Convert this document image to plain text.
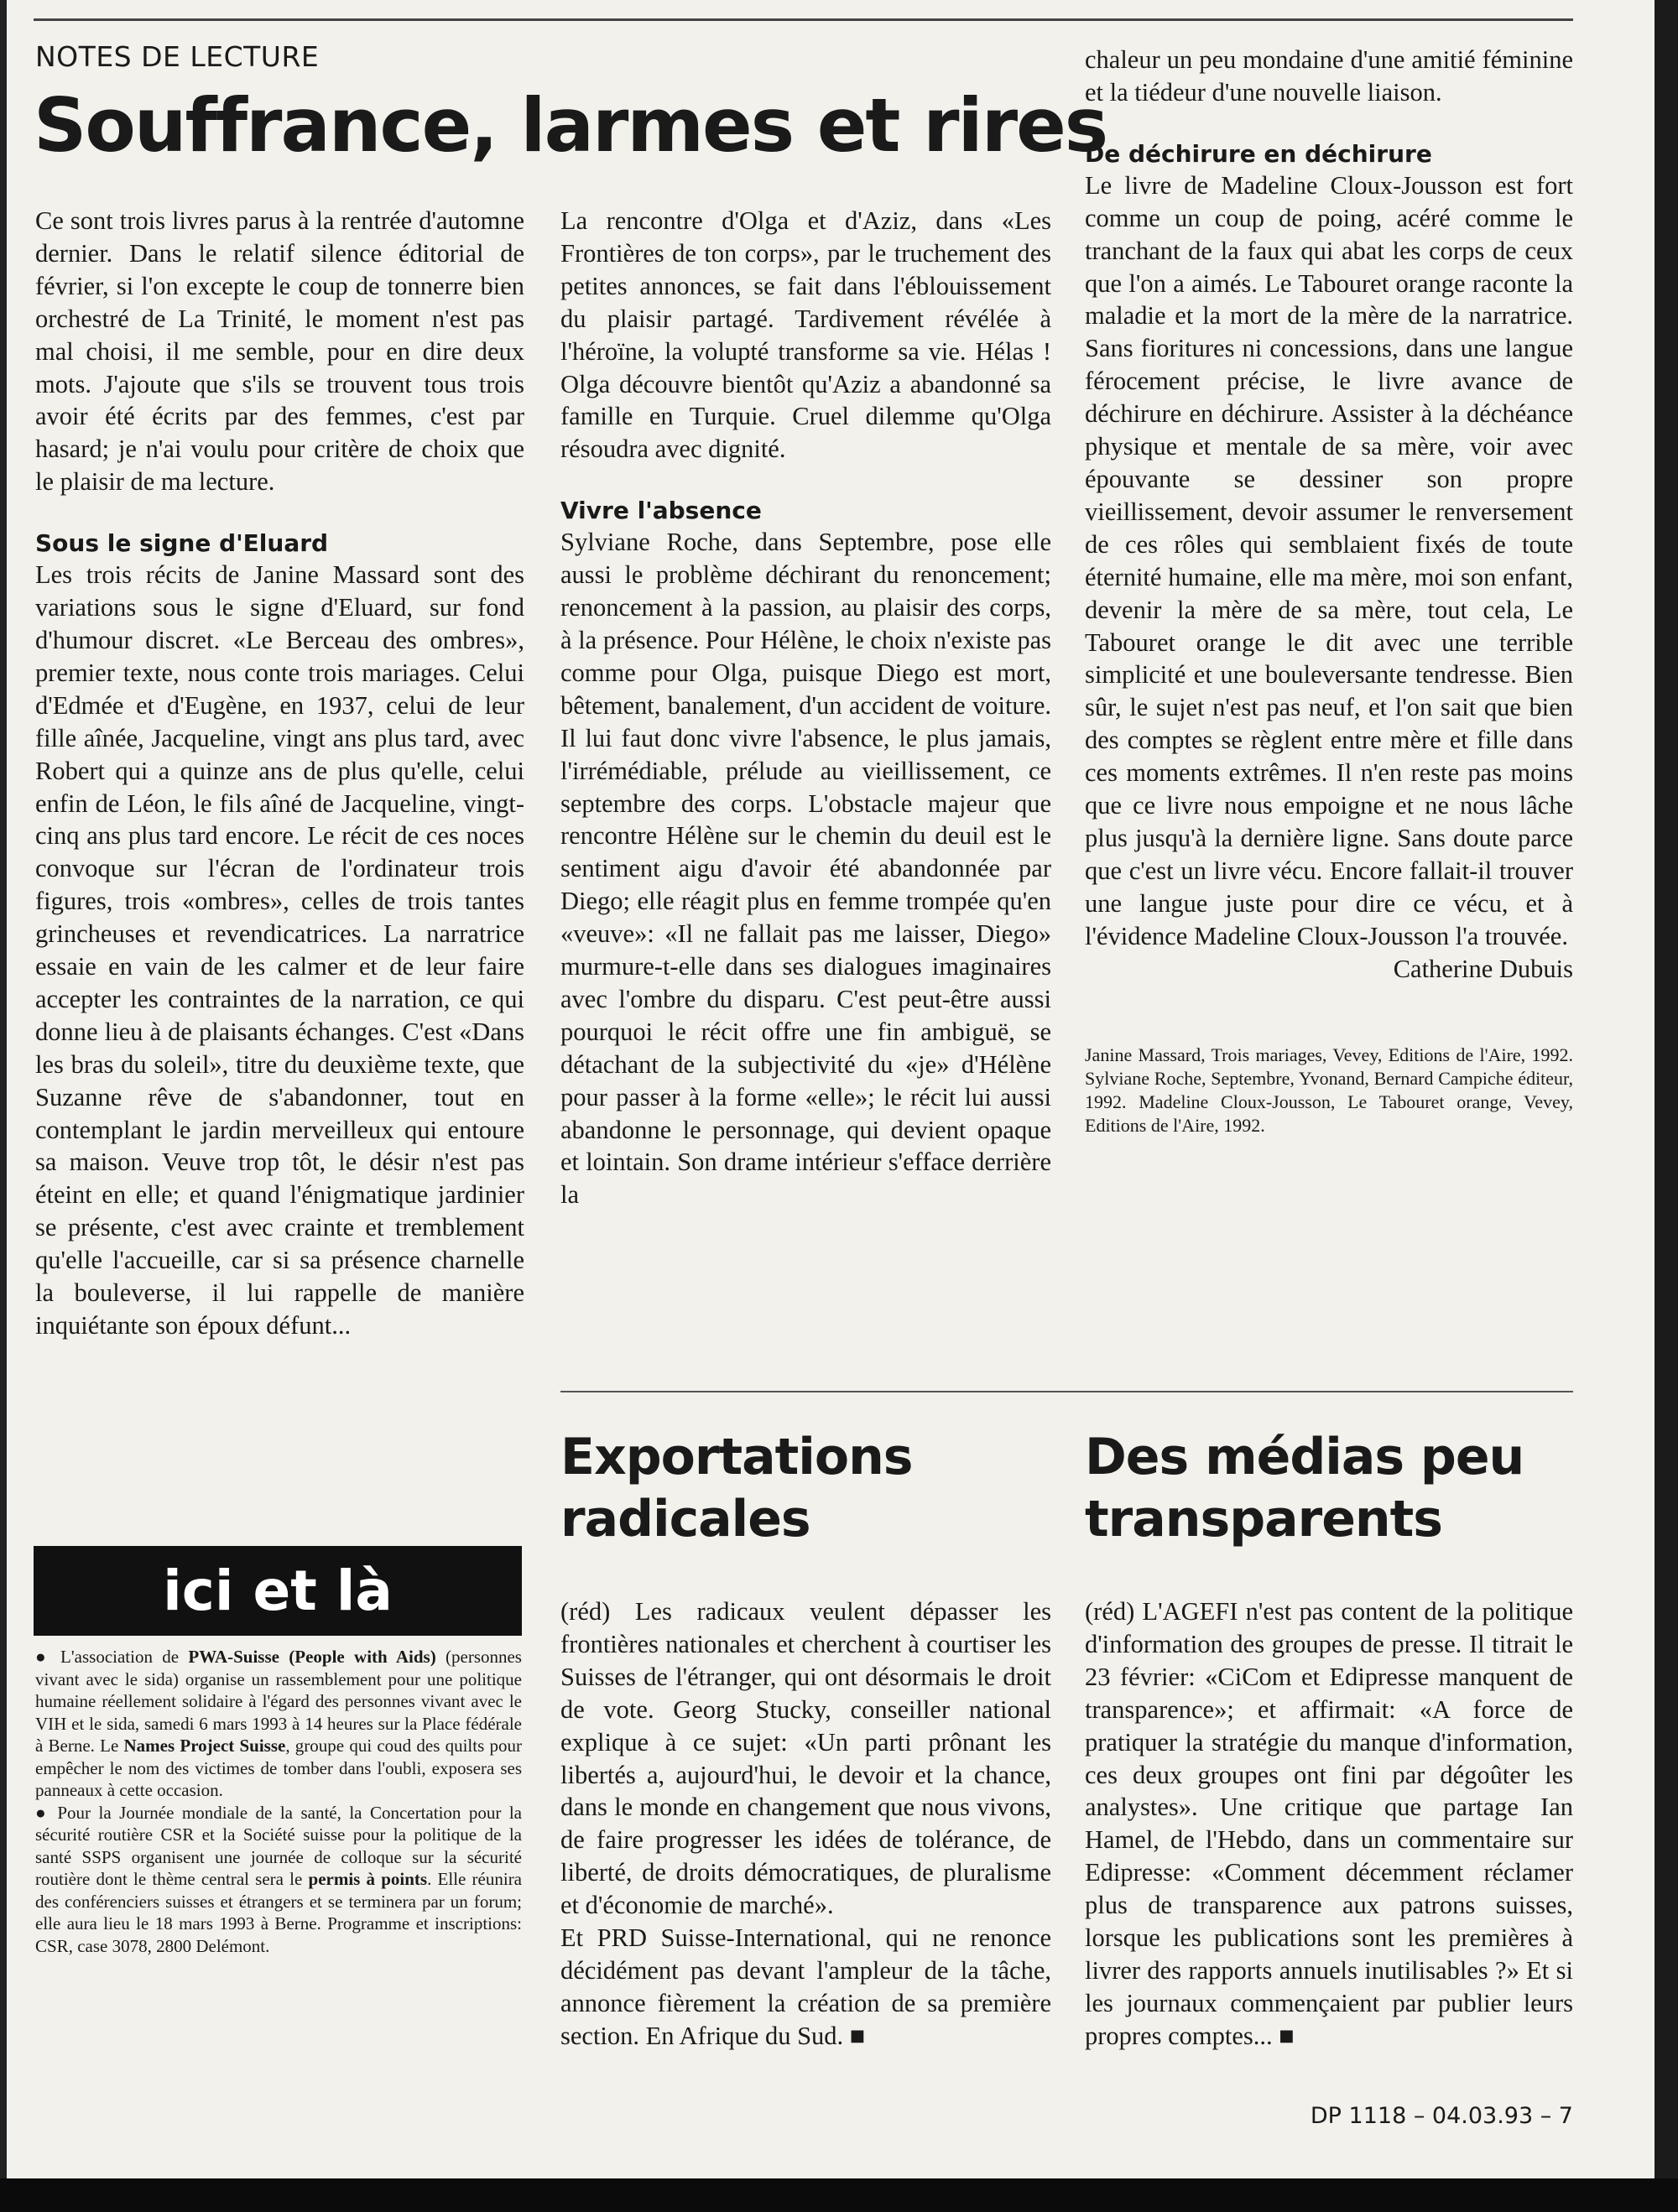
NOTES DE LECTURE
Souffrance, larmes et rires

Ce sont trois livres parus à la rentrée d'automne dernier. Dans le relatif silence éditorial de février, si l'on excepte le coup de tonnerre bien orchestré de La Trinité, le moment n'est pas mal choisi, il me semble, pour en dire deux mots. J'ajoute que s'ils se trouvent tous trois avoir été écrits par des femmes, c'est par hasard; je n'ai voulu pour critère de choix que le plaisir de ma lecture.

Sous le signe d'Eluard

Les trois récits de Janine Massard sont des variations sous le signe d'Eluard, sur fond d'humour discret. «Le Berceau des ombres», premier texte, nous conte trois mariages. Celui d'Edmée et d'Eugène, en 1937, celui de leur fille aînée, Jacqueline, vingt ans plus tard, avec Robert qui a quinze ans de plus qu'elle, celui enfin de Léon, le fils aîné de Jacqueline, vingt-cinq ans plus tard encore. Le récit de ces noces convoque sur l'écran de l'ordinateur trois figures, trois «ombres», celles de trois tantes grincheuses et revendicatrices. La narratrice essaie en vain de les calmer et de leur faire accepter les contraintes de la narration, ce qui donne lieu à de plaisants échanges. C'est «Dans les bras du soleil», titre du deuxième texte, que Suzanne rêve de s'abandonner, tout en contemplant le jardin merveilleux qui entoure sa maison. Veuve trop tôt, le désir n'est pas éteint en elle; et quand l'énigmatique jardinier se présente, c'est avec crainte et tremblement qu'elle l'accueille, car si sa présence charnelle la bouleverse, il lui rappelle de manière inquiétante son époux défunt...

La rencontre d'Olga et d'Aziz, dans «Les Frontières de ton corps», par le truchement des petites annonces, se fait dans l'éblouissement du plaisir partagé. Tardivement révélée à l'héroïne, la volupté transforme sa vie. Hélas ! Olga découvre bientôt qu'Aziz a abandonné sa famille en Turquie. Cruel dilemme qu'Olga résoudra avec dignité.

Vivre l'absence

Sylviane Roche, dans Septembre, pose elle aussi le problème déchirant du renoncement; renoncement à la passion, au plaisir des corps, à la présence. Pour Hélène, le choix n'existe pas comme pour Olga, puisque Diego est mort, bêtement, banalement, d'un accident de voiture. Il lui faut donc vivre l'absence, le plus jamais, l'irrémédiable, prélude au vieillissement, ce septembre des corps. L'obstacle majeur que rencontre Hélène sur le chemin du deuil est le sentiment aigu d'avoir été abandonnée par Diego; elle réagit plus en femme trompée qu'en «veuve»: «Il ne fallait pas me laisser, Diego» murmure-t-elle dans ses dialogues imaginaires avec l'ombre du disparu. C'est peut-être aussi pourquoi le récit offre une fin ambiguë, se détachant de la subjectivité du «je» d'Hélène pour passer à la forme «elle»; le récit lui aussi abandonne le personnage, qui devient opaque et lointain. Son drame intérieur s'efface derrière la

chaleur un peu mondaine d'une amitié féminine et la tiédeur d'une nouvelle liaison.

De déchirure en déchirure

Le livre de Madeline Cloux-Jousson est fort comme un coup de poing, acéré comme le tranchant de la faux qui abat les corps de ceux que l'on a aimés. Le Tabouret orange raconte la maladie et la mort de la mère de la narratrice. Sans fioritures ni concessions, dans une langue férocement précise, le livre avance de déchirure en déchirure. Assister à la déchéance physique et mentale de sa mère, voir avec épouvante se dessiner son propre vieillissement, devoir assumer le renversement de ces rôles qui semblaient fixés de toute éternité humaine, elle ma mère, moi son enfant, devenir la mère de sa mère, tout cela, Le Tabouret orange le dit avec une terrible simplicité et une bouleversante tendresse. Bien sûr, le sujet n'est pas neuf, et l'on sait que bien des comptes se règlent entre mère et fille dans ces moments extrêmes. Il n'en reste pas moins que ce livre nous empoigne et ne nous lâche plus jusqu'à la dernière ligne. Sans doute parce que c'est un livre vécu. Encore fallait-il trouver une langue juste pour dire ce vécu, et à l'évidence Madeline Cloux-Jousson l'a trouvée.

Catherine Dubuis

Janine Massard, Trois mariages, Vevey, Editions de l'Aire, 1992. Sylviane Roche, Septembre, Yvonand, Bernard Campiche éditeur, 1992. Madeline Cloux-Jousson, Le Tabouret orange, Vevey, Editions de l'Aire, 1992.

Exportations
radicales

(réd) Les radicaux veulent dépasser les frontières nationales et cherchent à courtiser les Suisses de l'étranger, qui ont désormais le droit de vote. Georg Stucky, conseiller national explique à ce sujet: «Un parti prônant les libertés a, aujourd'hui, le devoir et la chance, dans le monde en changement que nous vivons, de faire progresser les idées de tolérance, de liberté, de droits démocratiques, de pluralisme et d'économie de marché».

Et PRD Suisse-International, qui ne renonce décidément pas devant l'ampleur de la tâche, annonce fièrement la création de sa première section. En Afrique du Sud. ■

Des médias peu
transparents

(réd) L'AGEFI n'est pas content de la politique d'information des groupes de presse. Il titrait le 23 février: «CiCom et Edipresse manquent de transparence»; et affirmait: «A force de pratiquer la stratégie du manque d'information, ces deux groupes ont fini par dégoûter les analystes». Une critique que partage Ian Hamel, de l'Hebdo, dans un commentaire sur Edipresse: «Comment décemment réclamer plus de transparence aux patrons suisses, lorsque les publications sont les premières à livrer des rapports annuels inutilisables ?» Et si les journaux commençaient par publier leurs propres comptes... ■

ici et là

● L'association de PWA-Suisse (People with Aids) (personnes vivant avec le sida) organise un rassemblement pour une politique humaine réellement solidaire à l'égard des personnes vivant avec le VIH et le sida, samedi 6 mars 1993 à 14 heures sur la Place fédérale à Berne. Le Names Project Suisse, groupe qui coud des quilts pour empêcher le nom des victimes de tomber dans l'oubli, exposera ses panneaux à cette occasion.

● Pour la Journée mondiale de la santé, la Concertation pour la sécurité routière CSR et la Société suisse pour la politique de la santé SSPS organisent une journée de colloque sur la sécurité routière dont le thème central sera le permis à points. Elle réunira des conférenciers suisses et étrangers et se terminera par un forum; elle aura lieu le 18 mars 1993 à Berne. Programme et inscriptions: CSR, case 3078, 2800 Delémont.

DP 1118 – 04.03.93 – 7
